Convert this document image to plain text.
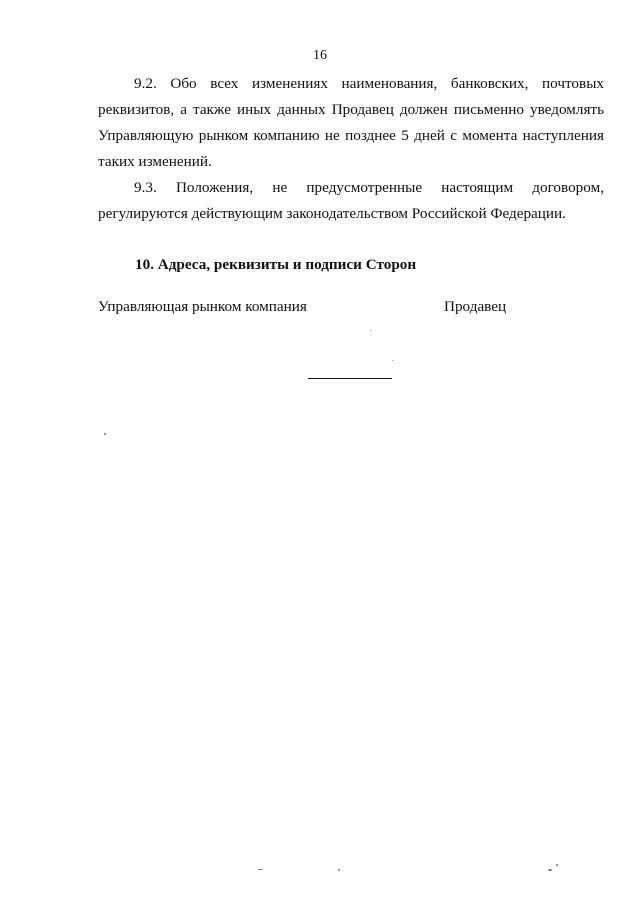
16

9.2. Обо всех изменениях наименования, банковских, почтовых реквизитов, а также иных данных Продавец должен письменно уведомлять Управляющую рынком компанию не позднее 5 дней с момента наступления таких изменений.

9.3. Положения, не предусмотренные настоящим договором, регулируются действующим законодательством Российской Федерации.

10. Адреса, реквизиты и подписи Сторон
Управляющая рынком компания	Продавец
